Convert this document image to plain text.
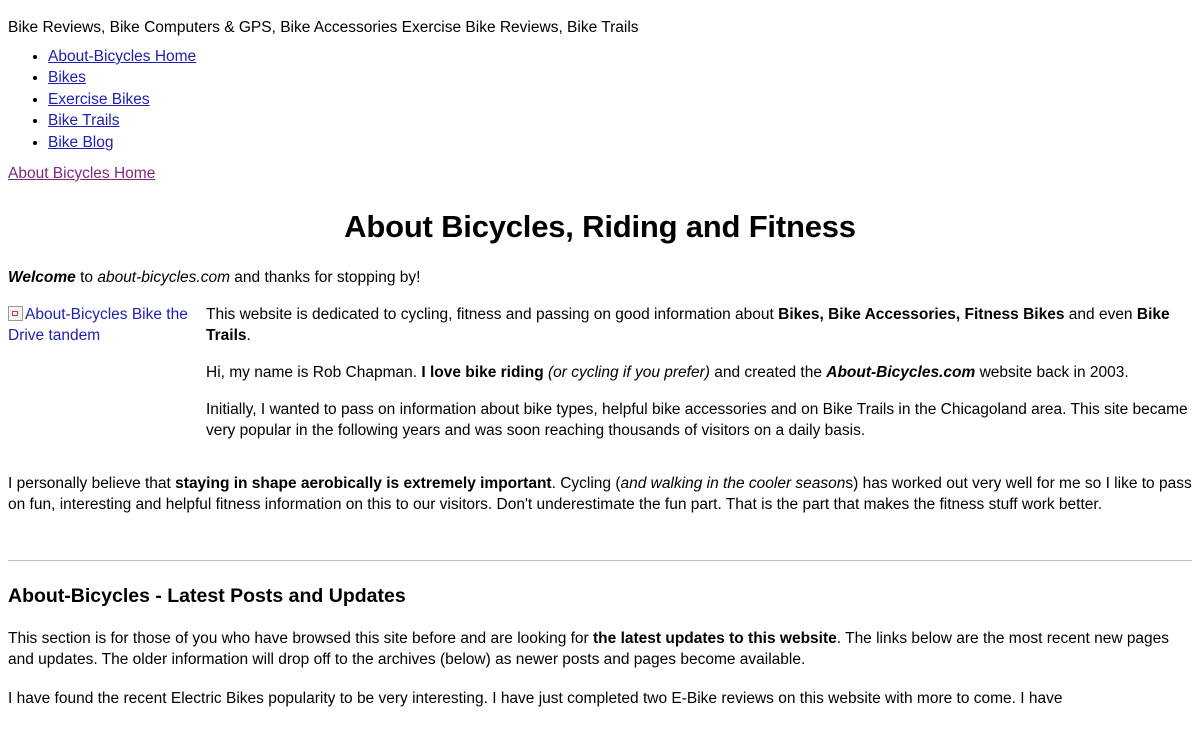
Bike Reviews, Bike Computers & GPS, Bike Accessories Exercise Bike Reviews, Bike Trails
• About-Bicycles Home
• Bikes
• Exercise Bikes
• Bike Trails
• Bike Blog
About Bicycles Home
About Bicycles, Riding and Fitness

Welcome to about-bicycles.com and thanks for stopping by!

About-Bicycles Bike the Drive tandem

This website is dedicated to cycling, fitness and passing on good information about Bikes, Bike Accessories, Fitness Bikes and even Bike Trails.

Hi, my name is Rob Chapman. I love bike riding (or cycling if you prefer) and created the About-Bicycles.com website back in 2003.

Initially, I wanted to pass on information about bike types, helpful bike accessories and on Bike Trails in the Chicagoland area. This site became very popular in the following years and was soon reaching thousands of visitors on a daily basis.

I personally believe that staying in shape aerobically is extremely important. Cycling (and walking in the cooler seasons) has worked out very well for me so I like to pass on fun, interesting and helpful fitness information on this to our visitors. Don't underestimate the fun part. That is the part that makes the fitness stuff work better.

About-Bicycles - Latest Posts and Updates

This section is for those of you who have browsed this site before and are looking for the latest updates to this website. The links below are the most recent new pages and updates. The older information will drop off to the archives (below) as newer posts and pages become available.

I have found the recent Electric Bikes popularity to be very interesting. I have just completed two E-Bike reviews on this website with more to come. I have
